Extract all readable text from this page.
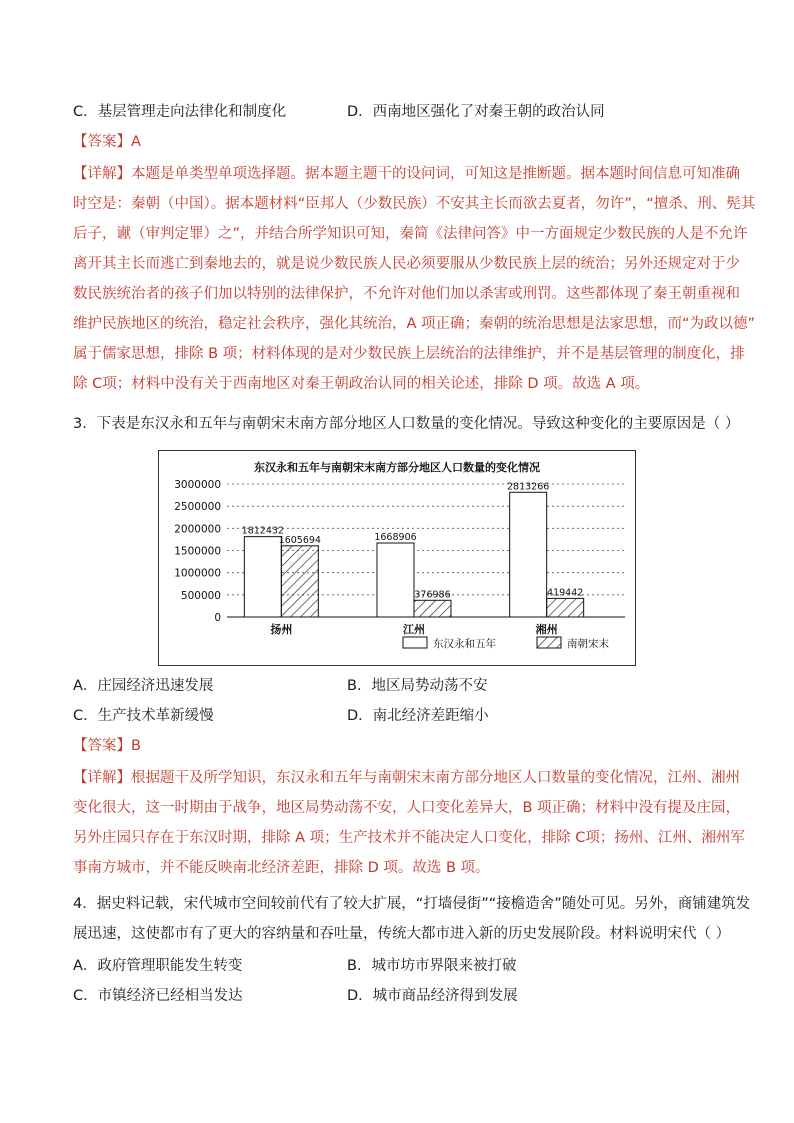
C．基层管理走向法律化和制度化	D．西南地区强化了对秦王朝的政治认同
【答案】A
【详解】本题是单类型单项选择题。据本题主题干的设问词，可知这是推断题。据本题时间信息可知准确
时空是：秦朝（中国）。据本题材料“臣邦人（少数民族）不安其主长而欲去夏者，勿许”，“擅杀、刑、髡其
后子，谳（审判定罪）之”，并结合所学知识可知，秦简《法律问答》中一方面规定少数民族的人是不允许
离开其主长而逃亡到秦地去的，就是说少数民族人民必须要服从少数民族上层的统治；另外还规定对于少
数民族统治者的孩子们加以特别的法律保护，不允许对他们加以杀害或刑罚。这些都体现了秦王朝重视和
维护民族地区的统治，稳定社会秩序，强化其统治，A 项正确；秦朝的统治思想是法家思想，而“为政以德”
属于儒家思想，排除 B 项；材料体现的是对少数民族上层统治的法律维护，并不是基层管理的制度化，排
除 C项；材料中没有关于西南地区对秦王朝政治认同的相关论述，排除 D 项。故选 A 项。
3．下表是东汉永和五年与南朝宋末南方部分地区人口数量的变化情况。导致这种变化的主要原因是（ ）
东汉永和五年与南朝宋末南方部分地区人口数量的变化情况
0
500000
1000000
1500000
2000000
2500000
3000000
1812432
1605694	1668906
376986
2813266
419442
扬州	江州	湘州
东汉永和五年	南朝宋末
A．庄园经济迅速发展	B．地区局势动荡不安
C．生产技术革新缓慢	D．南北经济差距缩小
【答案】B
【详解】根据题干及所学知识，东汉永和五年与南朝宋末南方部分地区人口数量的变化情况，江州、湘州
变化很大，这一时期由于战争，地区局势动荡不安，人口变化差异大，B 项正确；材料中没有提及庄园，
另外庄园只存在于东汉时期，排除 A 项；生产技术并不能决定人口变化，排除 C项；扬州、江州、湘州军
事南方城市，并不能反映南北经济差距，排除 D 项。故选 B 项。
4．据史料记载，宋代城市空间较前代有了较大扩展，“打墙侵街”“接檐造舍”随处可见。另外，商铺建筑发
展迅速，这使都市有了更大的容纳量和吞吐量，传统大都市进入新的历史发展阶段。材料说明宋代（ ）
A．政府管理职能发生转变	B．城市坊市界限来被打破
C．市镇经济已经相当发达	D．城市商品经济得到发展
